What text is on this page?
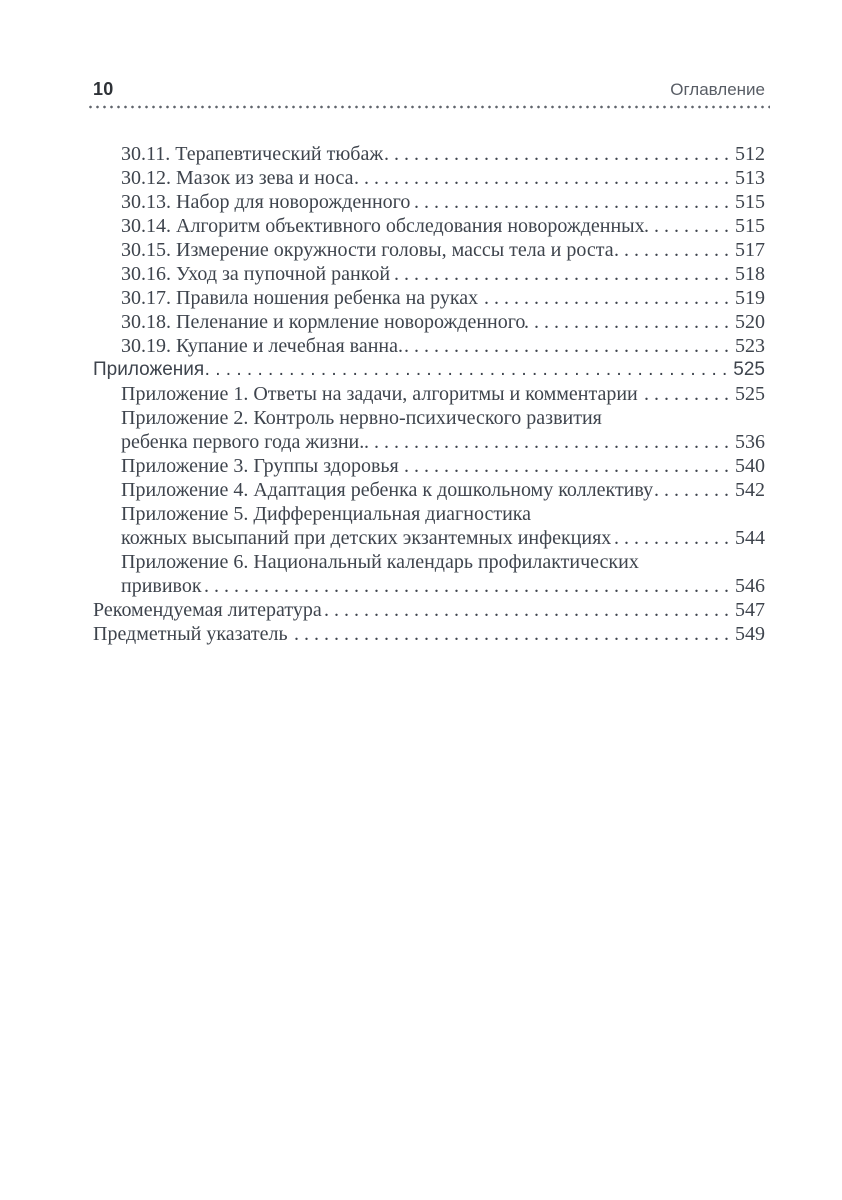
10	Оглавление
30.11. Терапевтический тюбаж . . .	512
30.12. Мазок из зева и носа . . .	513
30.13. Набор для новорожденного . . .	515
30.14. Алгоритм объективного обследования новорожденных . . .	515
30.15. Измерение окружности головы, массы тела и роста . . .	517
30.16. Уход за пупочной ранкой . . .	518
30.17. Правила ношения ребенка на руках . . .	519
30.18. Пеленание и кормление новорожденного . . .	520
30.19. Купание и лечебная ванна. . . .	523
Приложения . . .	525
Приложение 1. Ответы на задачи, алгоритмы и комментарии . . .	525
Приложение 2. Контроль нервно-психического развития
ребенка первого года жизни. . . .	536
Приложение 3. Группы здоровья . . .	540
Приложение 4. Адаптация ребенка к дошкольному коллективу . . .	542
Приложение 5. Дифференциальная диагностика
кожных высыпаний при детских экзантемных инфекциях . . .	544
Приложение 6. Национальный календарь профилактических
прививок . . .	546
Рекомендуемая литература . . .	547
Предметный указатель . . .	549
